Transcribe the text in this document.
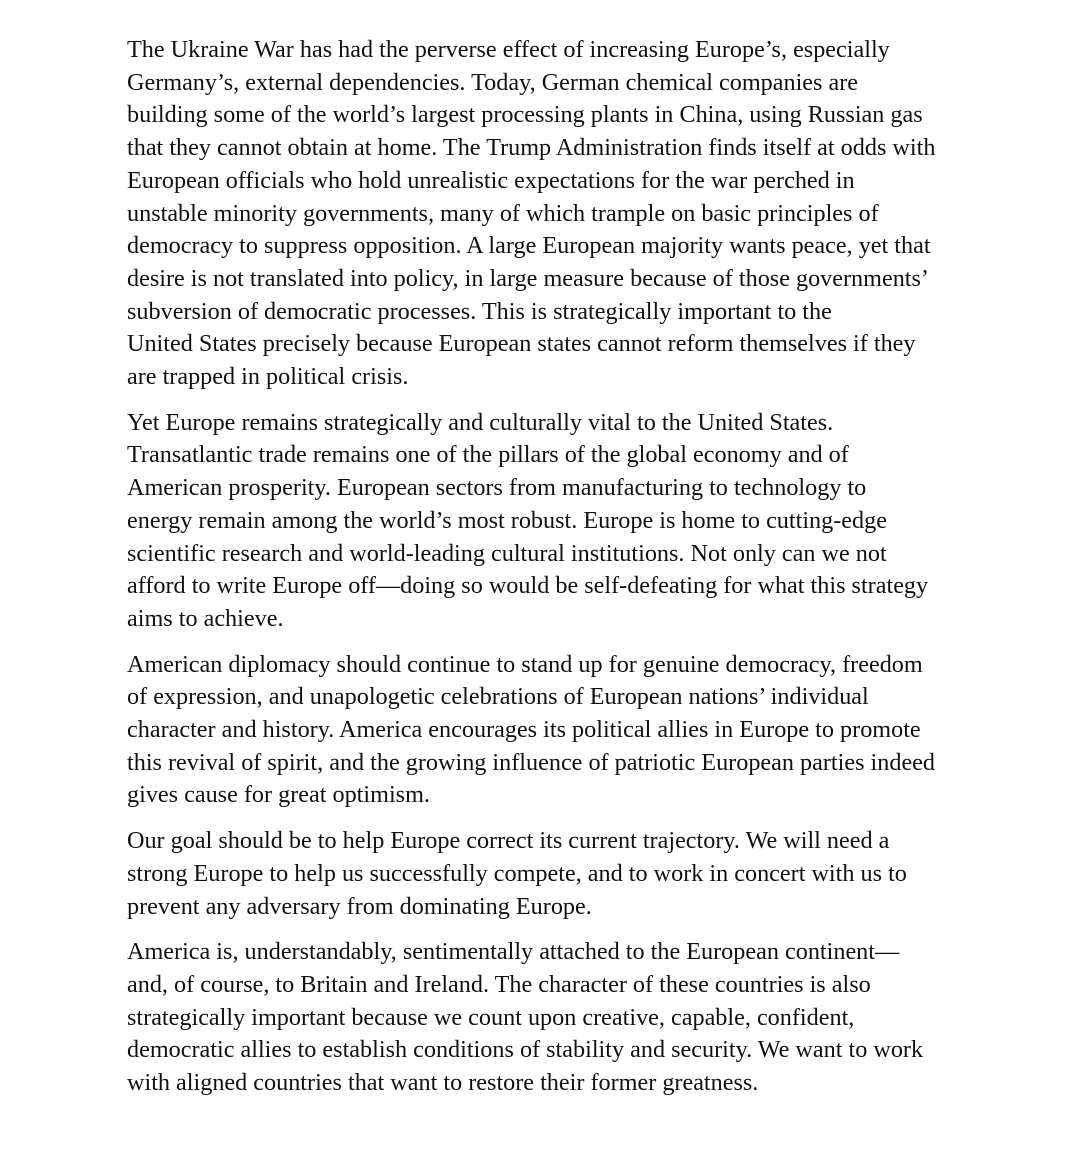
The Ukraine War has had the perverse effect of increasing Europe’s, especially
Germany’s, external dependencies. Today, German chemical companies are
building some of the world’s largest processing plants in China, using Russian gas
that they cannot obtain at home. The Trump Administration finds itself at odds with
European officials who hold unrealistic expectations for the war perched in
unstable minority governments, many of which trample on basic principles of
democracy to suppress opposition. A large European majority wants peace, yet that
desire is not translated into policy, in large measure because of those governments’
subversion of democratic processes. This is strategically important to the
United States precisely because European states cannot reform themselves if they
are trapped in political crisis.

Yet Europe remains strategically and culturally vital to the United States.
Transatlantic trade remains one of the pillars of the global economy and of
American prosperity. European sectors from manufacturing to technology to
energy remain among the world’s most robust. Europe is home to cutting-edge
scientific research and world-leading cultural institutions. Not only can we not
afford to write Europe off—doing so would be self-defeating for what this strategy
aims to achieve.

American diplomacy should continue to stand up for genuine democracy, freedom
of expression, and unapologetic celebrations of European nations’ individual
character and history. America encourages its political allies in Europe to promote
this revival of spirit, and the growing influence of patriotic European parties indeed
gives cause for great optimism.

Our goal should be to help Europe correct its current trajectory. We will need a
strong Europe to help us successfully compete, and to work in concert with us to
prevent any adversary from dominating Europe.

America is, understandably, sentimentally attached to the European continent—
and, of course, to Britain and Ireland. The character of these countries is also
strategically important because we count upon creative, capable, confident,
democratic allies to establish conditions of stability and security. We want to work
with aligned countries that want to restore their former greatness.
